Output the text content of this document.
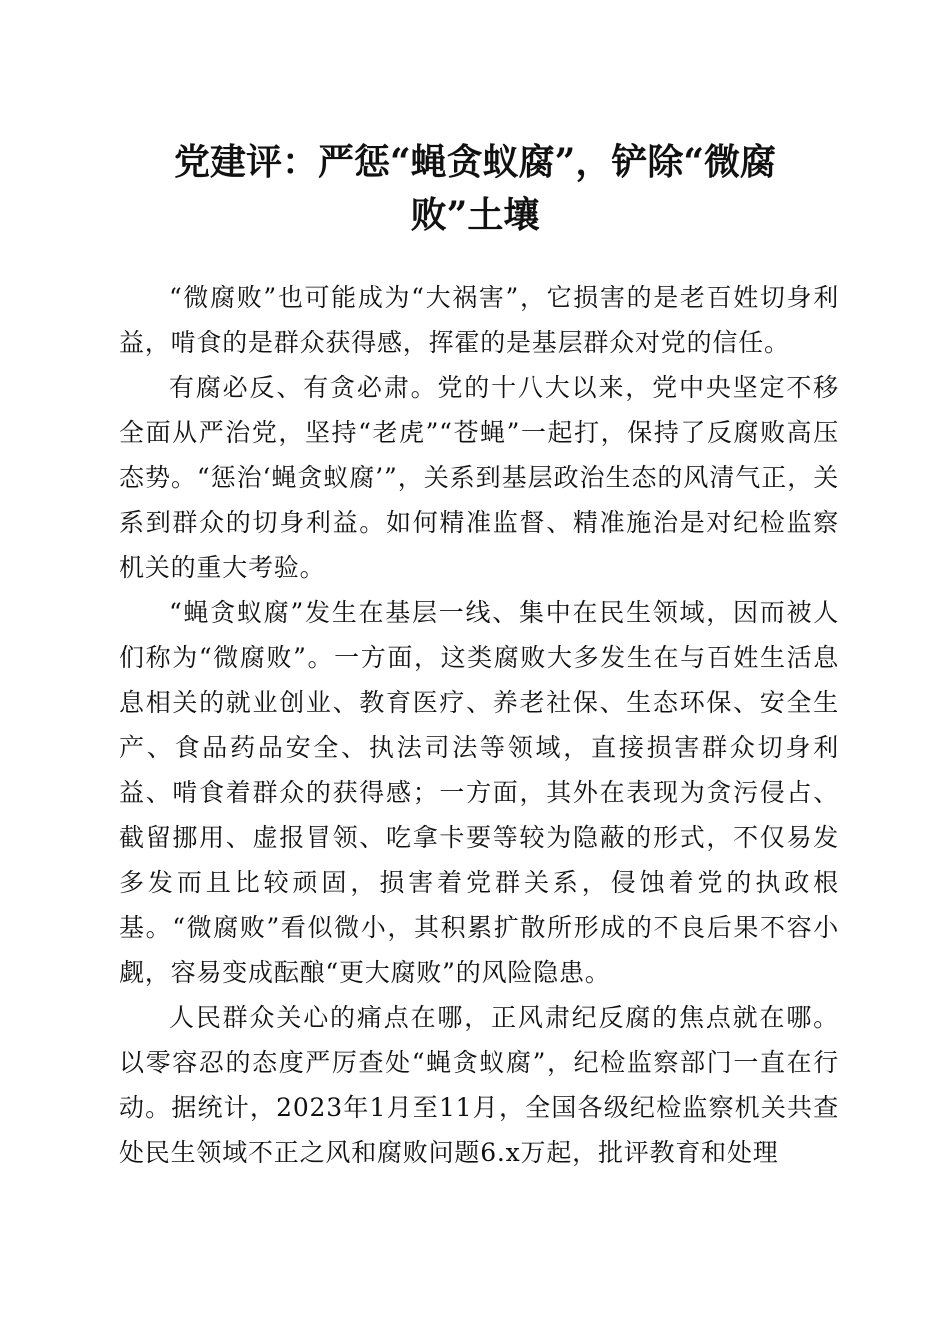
党建评：严惩“蝇贪蚁腐”，铲除“微腐
败”土壤

“微腐败”也可能成为“大祸害”，它损害的是老百姓切身利益，啃食的是群众获得感，挥霍的是基层群众对党的信任。

有腐必反、有贪必肃。党的十八大以来，党中央坚定不移全面从严治党，坚持“老虎”“苍蝇”一起打，保持了反腐败高压态势。“惩治‘蝇贪蚁腐’”，关系到基层政治生态的风清气正，关系到群众的切身利益。如何精准监督、精准施治是对纪检监察机关的重大考验。

“蝇贪蚁腐”发生在基层一线、集中在民生领域，因而被人们称为“微腐败”。一方面，这类腐败大多发生在与百姓生活息息相关的就业创业、教育医疗、养老社保、生态环保、安全生产、食品药品安全、执法司法等领域，直接损害群众切身利益、啃食着群众的获得感；一方面，其外在表现为贪污侵占、截留挪用、虚报冒领、吃拿卡要等较为隐蔽的形式，不仅易发多发而且比较顽固，损害着党群关系，侵蚀着党的执政根基。“微腐败”看似微小，其积累扩散所形成的不良后果不容小觑，容易变成酝酿“更大腐败”的风险隐患。

人民群众关心的痛点在哪，正风肃纪反腐的焦点就在哪。以零容忍的态度严厉查处“蝇贪蚁腐”，纪检监察部门一直在行动。据统计，2023年1月至11月，全国各级纪检监察机关共查处民生领域不正之风和腐败问题6.x万起，批评教育和处理
